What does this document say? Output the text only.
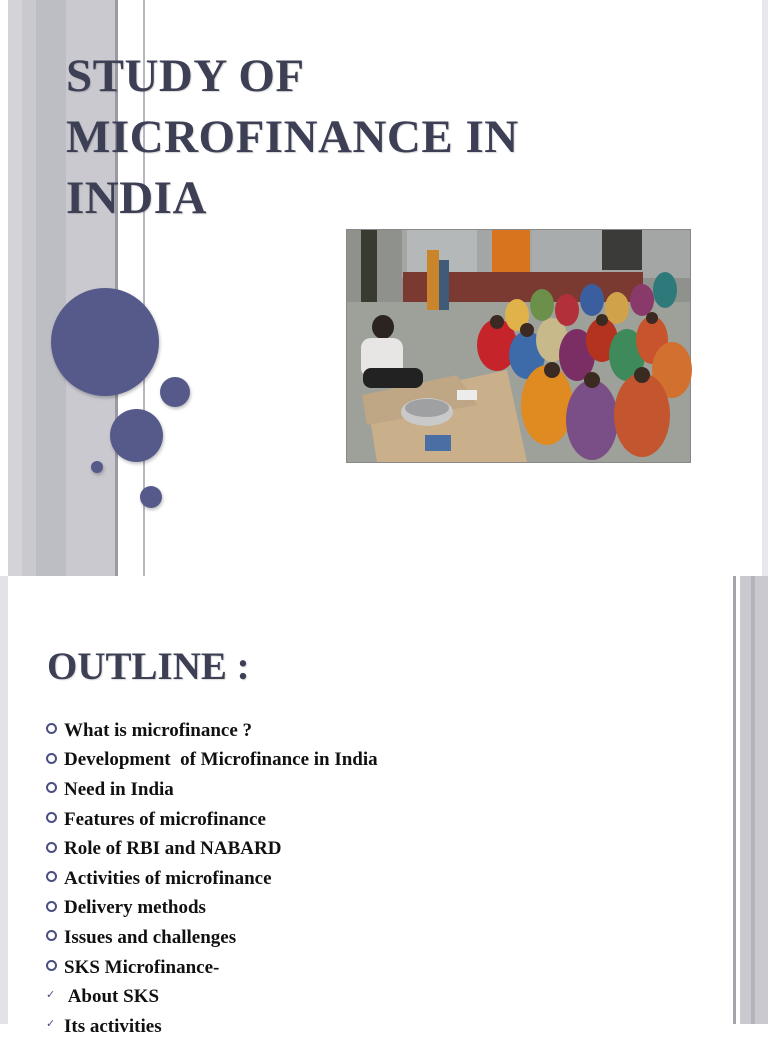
STUDY OF
MICROFINANCE IN
INDIA
OUTLINE :
What is microfinance ?
Development  of Microfinance in India
Need in India
Features of microfinance
Role of RBI and NABARD
Activities of microfinance
Delivery methods
Issues and challenges
SKS Microfinance-
✓ About SKS
✓ Its activities
